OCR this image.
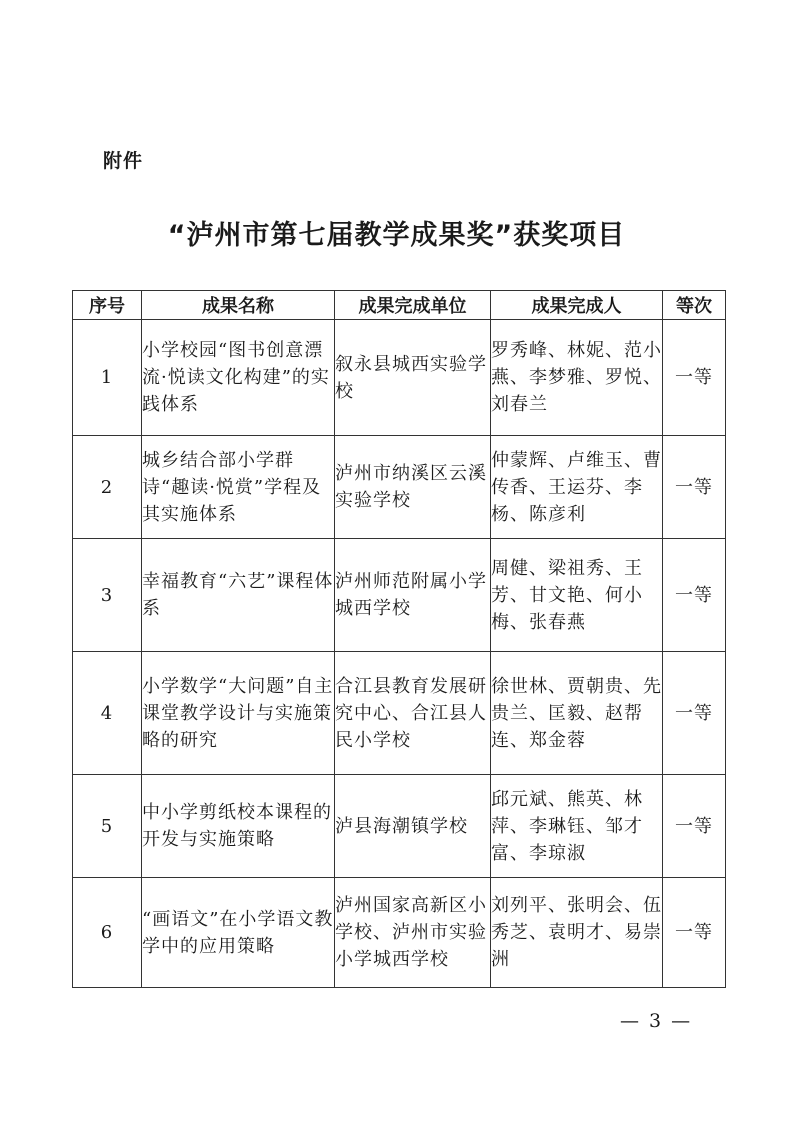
附件
“泸州市第七届教学成果奖”获奖项目
序号	成果名称	成果完成单位	成果完成人	等次
1	小学校园“图书创意漂流·悦读文化构建”的实践体系	叙永县城西实验学校	罗秀峰、林妮、范小燕、李梦雅、罗悦、刘春兰	一等
2	城乡结合部小学群诗“趣读·悦赏”学程及其实施体系	泸州市纳溪区云溪实验学校	仲蒙辉、卢维玉、曹传香、王运芬、李杨、陈彦利	一等
3	幸福教育“六艺”课程体系	泸州师范附属小学城西学校	周健、梁祖秀、王芳、甘文艳、何小梅、张春燕	一等
4	小学数学“大问题”自主课堂教学设计与实施策略的研究	合江县教育发展研究中心、合江县人民小学校	徐世林、贾朝贵、先贵兰、匡毅、赵帮连、郑金蓉	一等
5	中小学剪纸校本课程的开发与实施策略	泸县海潮镇学校	邱元斌、熊英、林萍、李琳钰、邹才富、李琼淑	一等
6	“画语文”在小学语文教学中的应用策略	泸州国家高新区小学校、泸州市实验小学城西学校	刘列平、张明会、伍秀芝、袁明才、易崇洲	一等
— 3 —
